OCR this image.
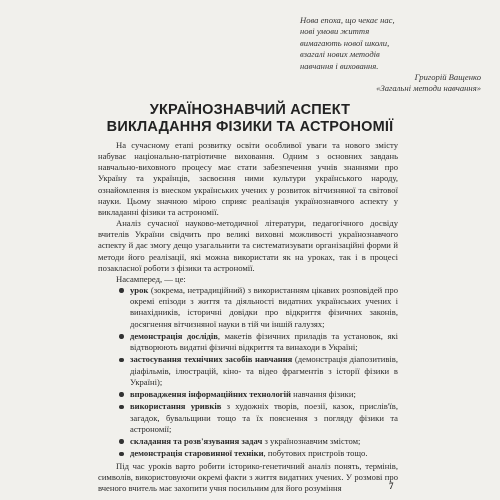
Нова епоха, що чекає нас,
нові умови життя
вимагають нової школи,
взагалі нових методів
навчання і виховання.
Григорій Ващенко
«Загальні методи навчання»
УКРАЇНОЗНАВЧИЙ АСПЕКТ
ВИКЛАДАННЯ ФІЗИКИ ТА АСТРОНОМІЇ

На сучасному етапі розвитку освіти особливої уваги та нового змісту набуває національно-патріотичне виховання. Одним з основних завдань навчально-виховного процесу має стати забезпечення учнів знаннями про Україну та українців, засвоєння ними культури українського народу, ознайомлення із внеском українських учених у розвиток вітчизняної та світової науки. Цьому значною мірою сприяє реалізація українознавчого аспекту у викладанні фізики та астрономії.

Аналіз сучасної науково-методичної літератури, педагогічного досвіду вчителів України свідчить про великі виховні можливості українознавчого аспекту й дає змогу дещо узагальнити та систематизувати організаційні форми й методи його реалізації, які можна використати як на уроках, так і в процесі позакласної роботи з фізики та астрономії.

Насамперед, — це:

урок (зокрема, нетрадиційний) з використанням цікавих розповідей про окремі епізоди з життя та діяльності видатних українських учених і винахідників, історичні довідки про відкриття фізичних законів, досягнення вітчизняної науки в тій чи іншій галузях;
демонстрація дослідів, макетів фізичних приладів та установок, які відтворюють видатні фізичні відкриття та винаходи в Україні;
застосування технічних засобів навчання (демонстрація діапозитивів, діафільмів, ілюстрацій, кіно- та відео фрагментів з історії фізики в Україні);
впровадження інформаційних технологій навчання фізики;
використання уривків з художніх творів, поезії, казок, прислів'їв, загадок, бувальщини тощо та їх пояснення з погляду фізики та астрономії;
складання та розв'язування задач з українознавчим змістом;
демонстрація старовинної техніки, побутових пристроїв тощо.

Під час уроків варто робити історико-генетичний аналіз понять, термінів, символів, використовуючи окремі факти з життя видатних учених. У розмові про вченого вчитель має захопити учня посильним для його розуміння	7
